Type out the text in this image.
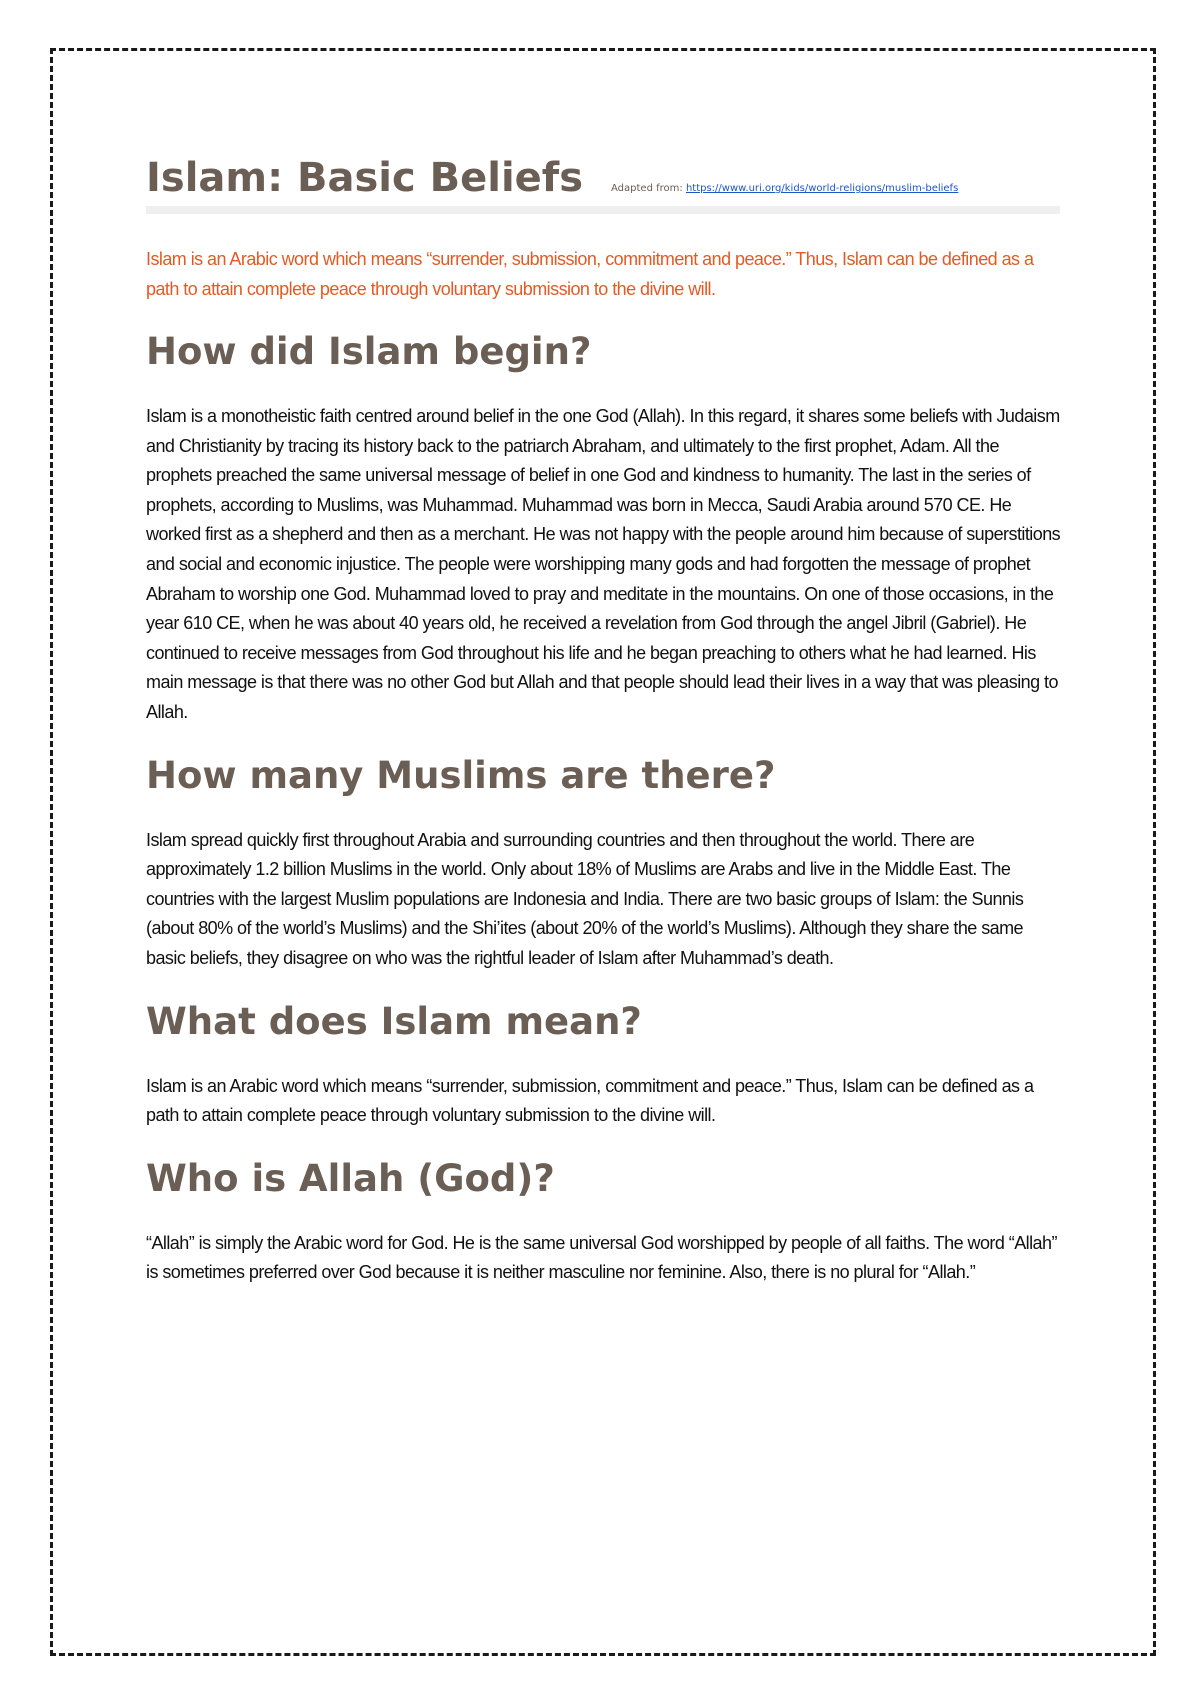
Islam: Basic Beliefs	Adapted from: https://www.uri.org/kids/world-religions/muslim-beliefs

Islam is an Arabic word which means “surrender, submission, commitment and peace.” Thus, Islam can be defined as a path to attain complete peace through voluntary submission to the divine will.

How did Islam begin?

Islam is a monotheistic faith centred around belief in the one God (Allah). In this regard, it shares some beliefs with Judaism and Christianity by tracing its history back to the patriarch Abraham, and ultimately to the first prophet, Adam. All the prophets preached the same universal message of belief in one God and kindness to humanity. The last in the series of prophets, according to Muslims, was Muhammad. Muhammad was born in Mecca, Saudi Arabia around 570 CE. He worked first as a shepherd and then as a merchant. He was not happy with the people around him because of superstitions and social and economic injustice. The people were worshipping many gods and had forgotten the message of prophet Abraham to worship one God. Muhammad loved to pray and meditate in the mountains. On one of those occasions, in the year 610 CE, when he was about 40 years old, he received a revelation from God through the angel Jibril (Gabriel). He continued to receive messages from God throughout his life and he began preaching to others what he had learned. His main message is that there was no other God but Allah and that people should lead their lives in a way that was pleasing to Allah.

How many Muslims are there?

Islam spread quickly first throughout Arabia and surrounding countries and then throughout the world. There are approximately 1.2 billion Muslims in the world. Only about 18% of Muslims are Arabs and live in the Middle East. The countries with the largest Muslim populations are Indonesia and India. There are two basic groups of Islam: the Sunnis (about 80% of the world’s Muslims) and the Shi’ites (about 20% of the world’s Muslims). Although they share the same basic beliefs, they disagree on who was the rightful leader of Islam after Muhammad’s death.

What does Islam mean?

Islam is an Arabic word which means “surrender, submission, commitment and peace.” Thus, Islam can be defined as a path to attain complete peace through voluntary submission to the divine will.

Who is Allah (God)?

“Allah” is simply the Arabic word for God. He is the same universal God worshipped by people of all faiths. The word “Allah” is sometimes preferred over God because it is neither masculine nor feminine. Also, there is no plural for “Allah.”
